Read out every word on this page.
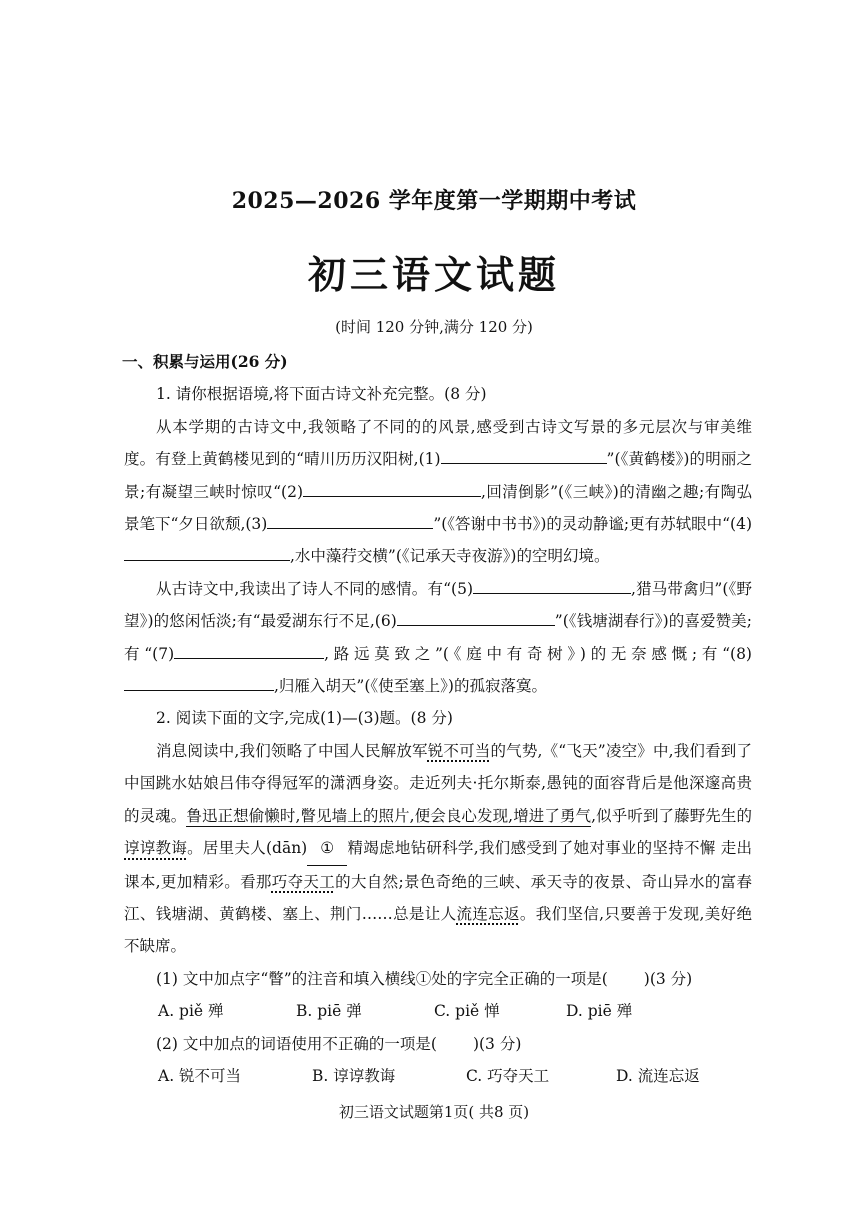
2025—2026 学年度第一学期期中考试
初三语文试题
(时间 120 分钟,满分 120 分)

一、积累与运用(26 分)

1. 请你根据语境,将下面古诗文补充完整。(8 分)

从本学期的古诗文中,我领略了不同的的风景,感受到古诗文写景的多元层次与审美维度。有登上黄鹤楼见到的“晴川历历汉阳树,(1)	”(《黄鹤楼》)的明丽之景;有凝望三峡时惊叹“(2)	,回清倒影”(《三峡》)的清幽之趣;有陶弘景笔下“夕日欲颓,(3)	”(《答谢中书书》)的灵动静谧;更有苏轼眼中“(4),水中藻荇交横”(《记承天寺夜游》)的空明幻境。

从古诗文中,我读出了诗人不同的感情。有“(5)	,猎马带禽归”(《野望》)的悠闲恬淡;有“最爱湖东行不足,(6)	”(《钱塘湖春行》)的喜爱赞美;有“(7)	,路远莫致之”(《庭中有奇树》)的无奈感慨;有“(8),归雁入胡天”(《使至塞上》)的孤寂落寞。

2. 阅读下面的文字,完成(1)—(3)题。(8 分)

消息阅读中,我们领略了中国人民解放军锐不可当的气势,《“飞天”凌空》中,我们看到了中国跳水姑娘吕伟夺得冠军的潇洒身姿。走近列夫·托尔斯泰,愚钝的面容背后是他深邃高贵的灵魂。鲁迅正想偷懒时,瞥见墙上的照片,便会良心发现,增进了勇气,似乎听到了藤野先生的谆谆教诲。居里夫人(dān) ① 精竭虑地钻研科学,我们感受到了她对事业的坚持不懈 走出课本,更加精彩。看那巧夺天工的大自然;景色奇绝的三峡、承天寺的夜景、奇山异水的富春江、钱塘湖、黄鹤楼、塞上、荆门……总是让人流连忘返。我们坚信,只要善于发现,美好绝不缺席。

(1) 文中加点字“瞥”的注音和填入横线①处的字完全正确的一项是( )(3 分)

A. piě 殚	B. piē 弹	C. piě 惮	D. piē 殚

(2) 文中加点的词语使用不正确的一项是( )(3 分)

A. 锐不可当	B. 谆谆教诲	C. 巧夺天工	D. 流连忘返

初三语文试题第1页( 共8 页)
